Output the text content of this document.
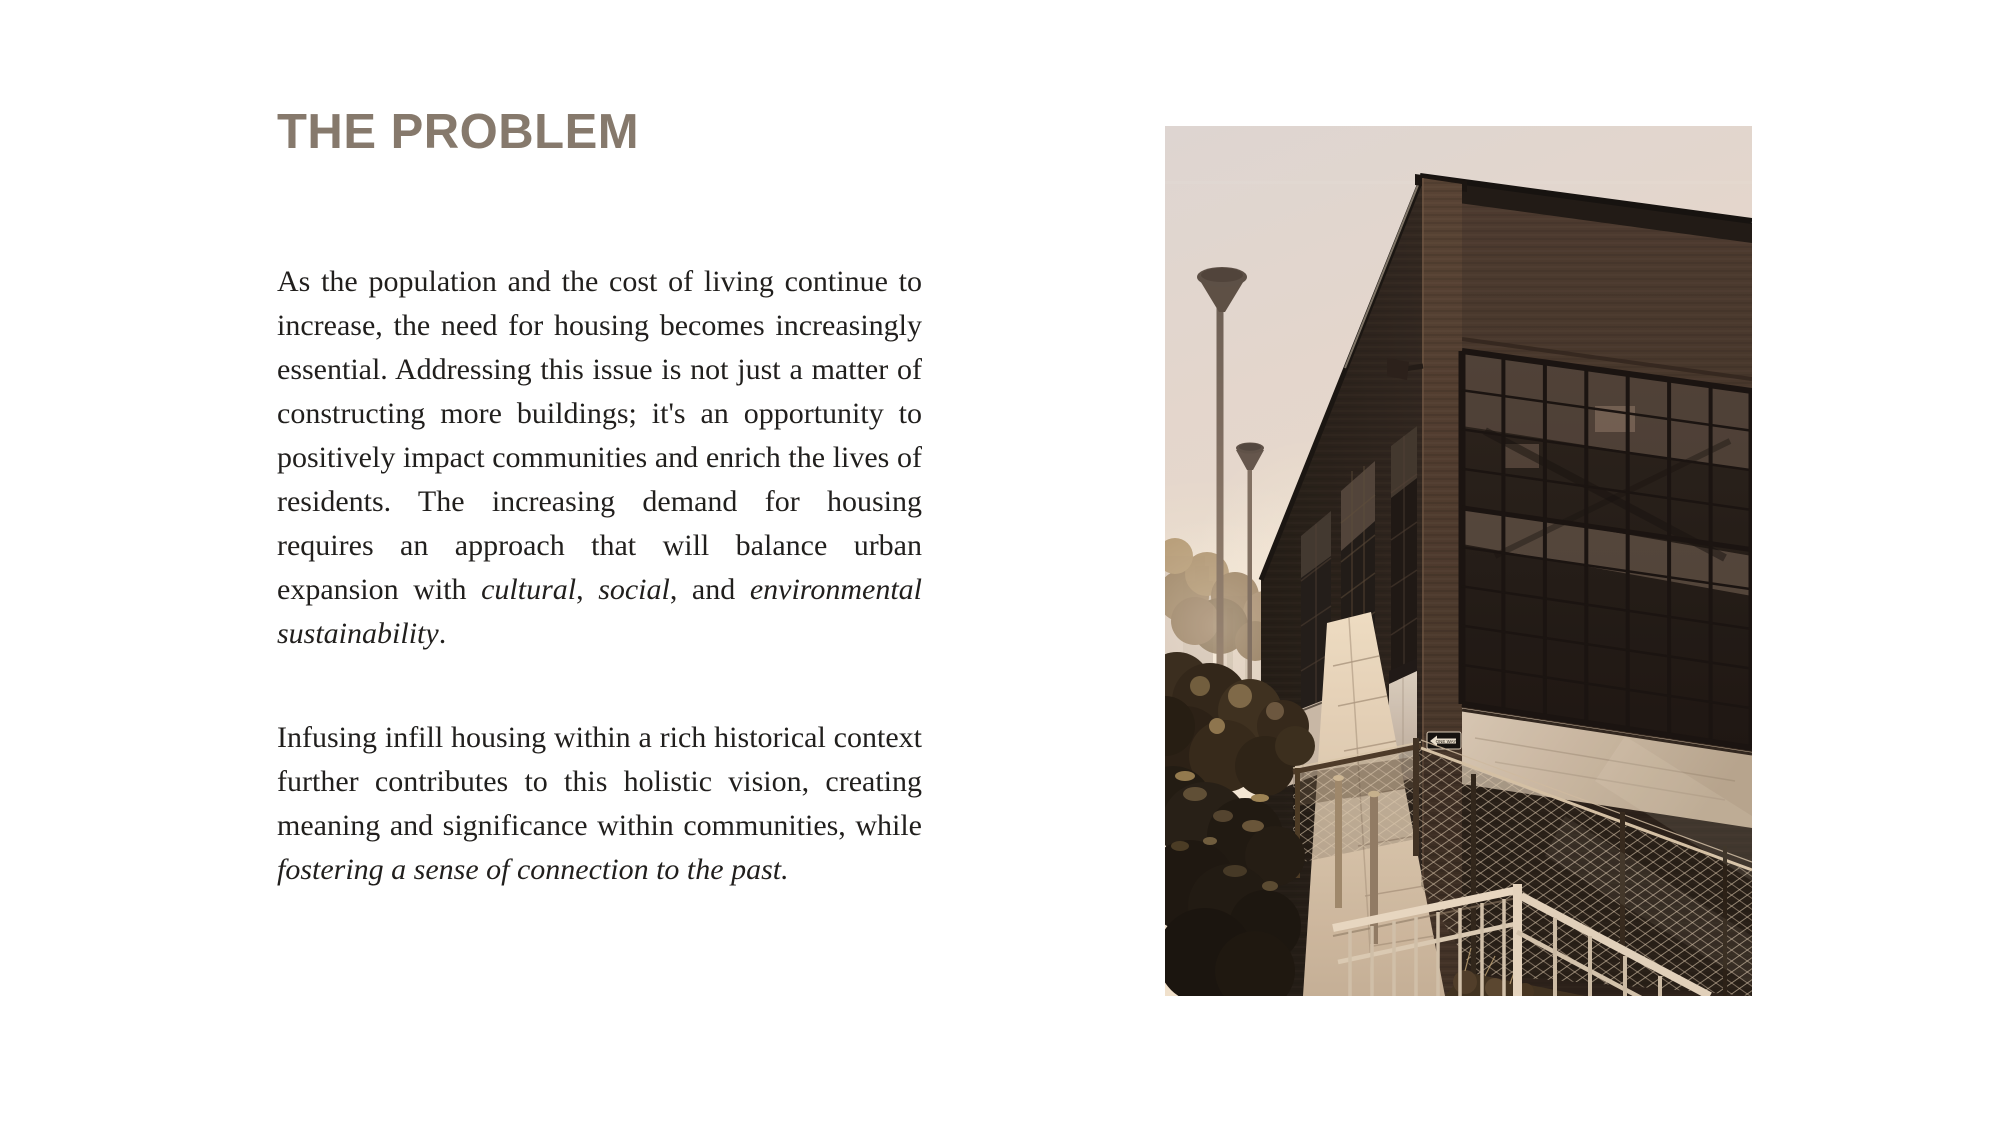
THE PROBLEM

As the population and the cost of living continue to increase, the need for housing becomes increasingly essential. Addressing this issue is not just a matter of constructing more buildings; it's an opportunity to positively impact communities and enrich the lives of residents. The increasing demand for housing requires an approach that will balance urban expansion with cultural, social, and environmental sustainability.

Infusing infill housing within a rich historical context further contributes to this holistic vision, creating meaning and significance within communities, while fostering a sense of connection to the past.

ONE WAY
